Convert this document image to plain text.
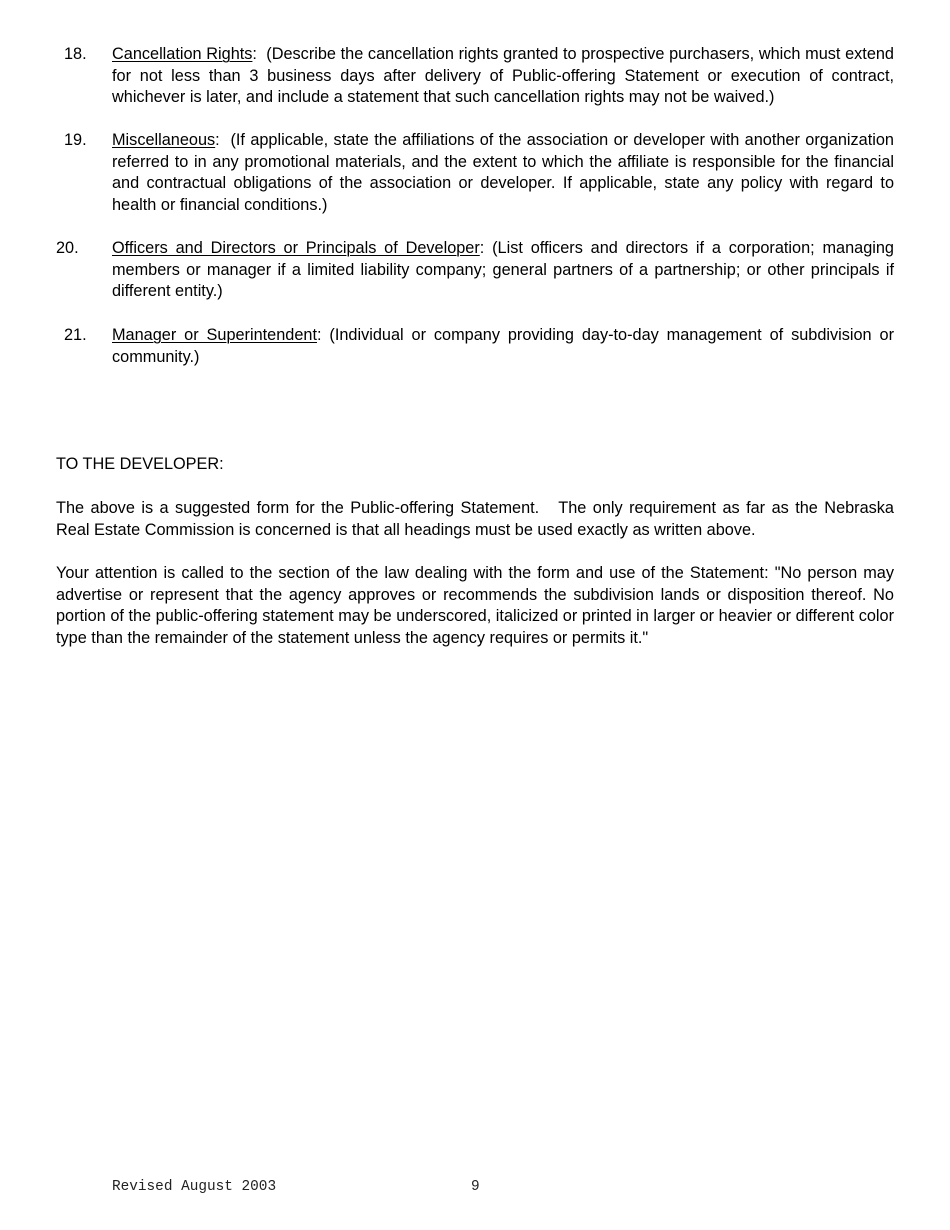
18. Cancellation Rights:  (Describe the cancellation rights granted to prospective purchasers, which must extend for not less than 3 business days after delivery of Public-offering Statement or execution of contract, whichever is later, and include a statement that such cancellation rights may not be waived.)
19. Miscellaneous:  (If applicable, state the affiliations of the association or developer with another organization referred to in any promotional materials, and the extent to which the affiliate is responsible for the financial and contractual obligations of the association or developer. If applicable, state any policy with regard to health or financial conditions.)
20. Officers and Directors or Principals of Developer: (List officers and directors if a corporation; managing members or manager if a limited liability company; general partners of a partnership; or other principals if different entity.)
21. Manager or Superintendent: (Individual or company providing day-to-day management of subdivision or community.)
TO THE DEVELOPER:
The above is a suggested form for the Public-offering Statement.   The only requirement as far as the Nebraska Real Estate Commission is concerned is that all headings must be used exactly as written above.
Your attention is called to the section of the law dealing with the form and use of the Statement: "No person may advertise or represent that the agency approves or recommends the subdivision lands or disposition thereof. No portion of the public-offering statement may be underscored, italicized or printed in larger or heavier or different color type than the remainder of the statement unless the agency requires or permits it."
Revised August 2003	9
